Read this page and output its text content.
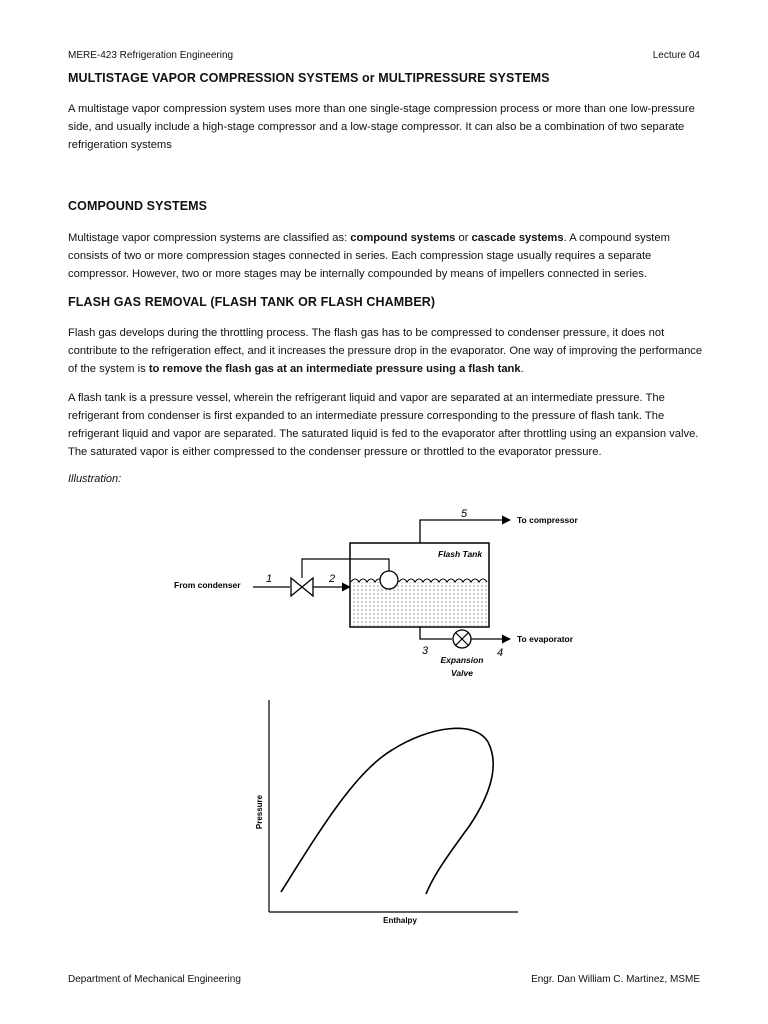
MERE-423 Refrigeration Engineering	Lecture 04
MULTISTAGE VAPOR COMPRESSION SYSTEMS or MULTIPRESSURE SYSTEMS

A multistage vapor compression system uses more than one single-stage compression process or more than one low-pressure side, and usually include a high-stage compressor and a low-stage compressor. It can also be a combination of two separate refrigeration systems

COMPOUND SYSTEMS

Multistage vapor compression systems are classified as: compound systems or cascade systems. A compound system consists of two or more compression stages connected in series. Each compression stage usually requires a separate compressor. However, two or more stages may be internally compounded by means of impellers connected in series.

FLASH GAS REMOVAL (FLASH TANK OR FLASH CHAMBER)

Flash gas develops during the throttling process. The flash gas has to be compressed to condenser pressure, it does not contribute to the refrigeration effect, and it increases the pressure drop in the evaporator. One way of improving the performance of the system is to remove the flash gas at an intermediate pressure using a flash tank.

A flash tank is a pressure vessel, wherein the refrigerant liquid and vapor are separated at an intermediate pressure. The refrigerant from condenser is first expanded to an intermediate pressure corresponding to the pressure of flash tank. The refrigerant liquid and vapor are separated. The saturated liquid is fed to the evaporator after throttling using an expansion valve. The saturated vapor is either compressed to the condenser pressure or throttled to the evaporator pressure.

Illustration:
From condenser
To compressor
To evaporator
Flash Tank
Expansion
Valve
1	2
3	4
5
Pressure
Enthalpy
Department of Mechanical Engineering	Engr. Dan William C. Martinez, MSME
